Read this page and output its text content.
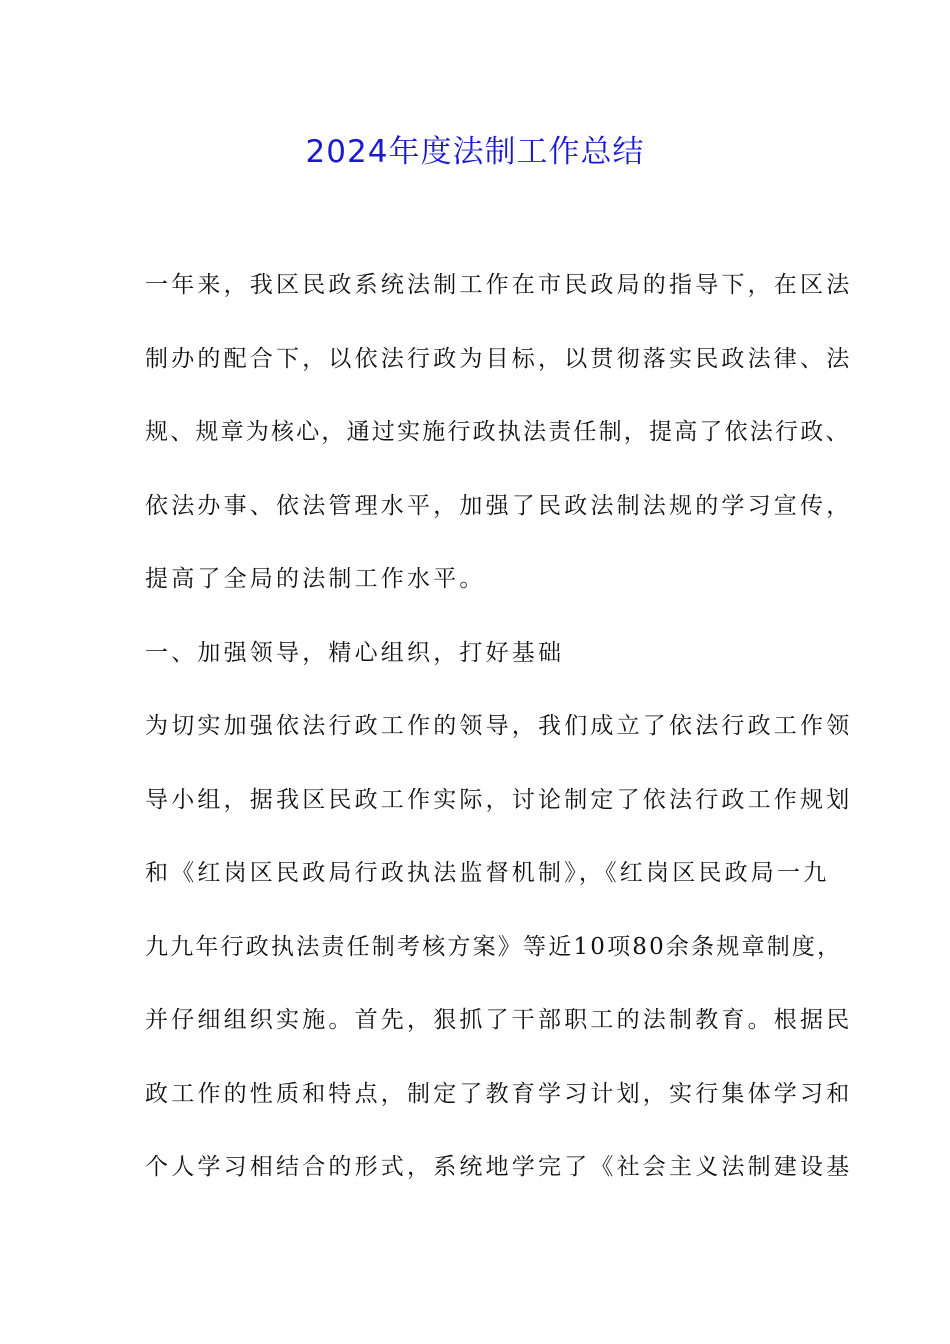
2024年度法制工作总结
一年来，我区民政系统法制工作在市民政局的指导下，在区法
制办的配合下，以依法行政为目标，以贯彻落实民政法律、法
规、规章为核心，通过实施行政执法责任制，提高了依法行政、
依法办事、依法管理水平，加强了民政法制法规的学习宣传，
提高了全局的法制工作水平。
一、加强领导，精心组织，打好基础
为切实加强依法行政工作的领导，我们成立了依法行政工作领
导小组，据我区民政工作实际，讨论制定了依法行政工作规划
和《红岗区民政局行政执法监督机制》，《红岗区民政局一九
九九年行政执法责任制考核方案》等近10项80余条规章制度，
并仔细组织实施。首先，狠抓了干部职工的法制教育。根据民
政工作的性质和特点，制定了教育学习计划，实行集体学习和
个人学习相结合的形式，系统地学完了《社会主义法制建设基
